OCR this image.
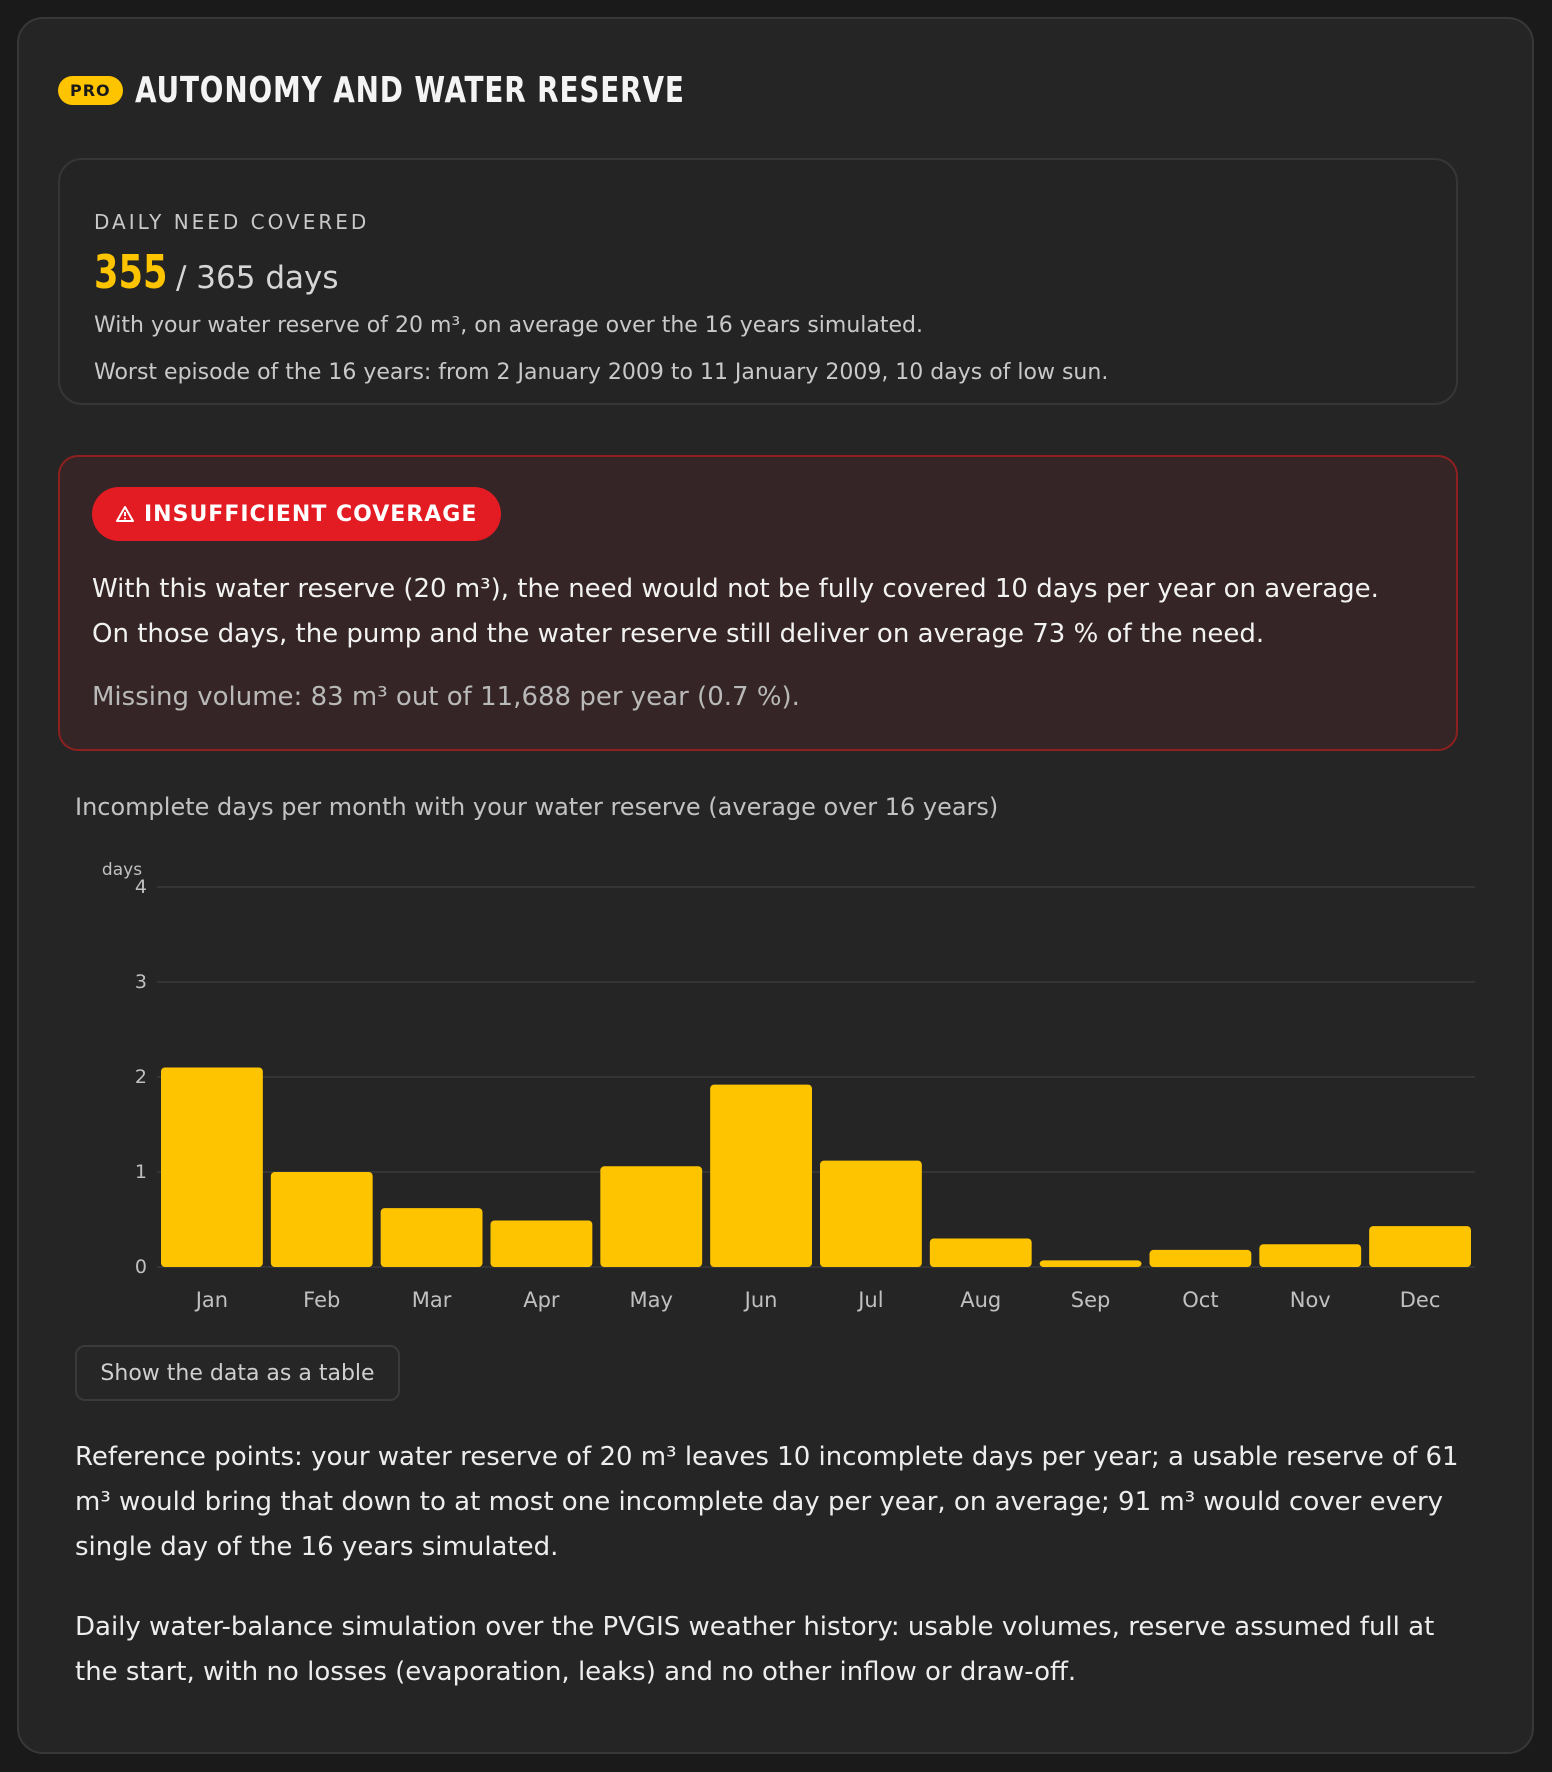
PRO AUTONOMY AND WATER RESERVE
DAILY NEED COVERED
355 / 365 days
With your water reserve of 20 m³, on average over the 16 years simulated.
Worst episode of the 16 years: from 2 January 2009 to 11 January 2009, 10 days of low sun.
INSUFFICIENT COVERAGE
With this water reserve (20 m³), the need would not be fully covered 10 days per year on average.
On those days, the pump and the water reserve still deliver on average 73 % of the need.
Missing volume: 83 m³ out of 11,688 per year (0.7 %).
Incomplete days per month with your water reserve (average over 16 years)
days
0
1
2
3
4
Jan	Feb	Mar	Apr	May	Jun	Jul	Aug	Sep	Oct	Nov	Dec
Show the data as a table
Reference points: your water reserve of 20 m³ leaves 10 incomplete days per year; a usable reserve of 61 m³ would bring that down to at most one incomplete day per year, on average; 91 m³ would cover every single day of the 16 years simulated.
Daily water-balance simulation over the PVGIS weather history: usable volumes, reserve assumed full at the start, with no losses (evaporation, leaks) and no other inflow or draw-off.
